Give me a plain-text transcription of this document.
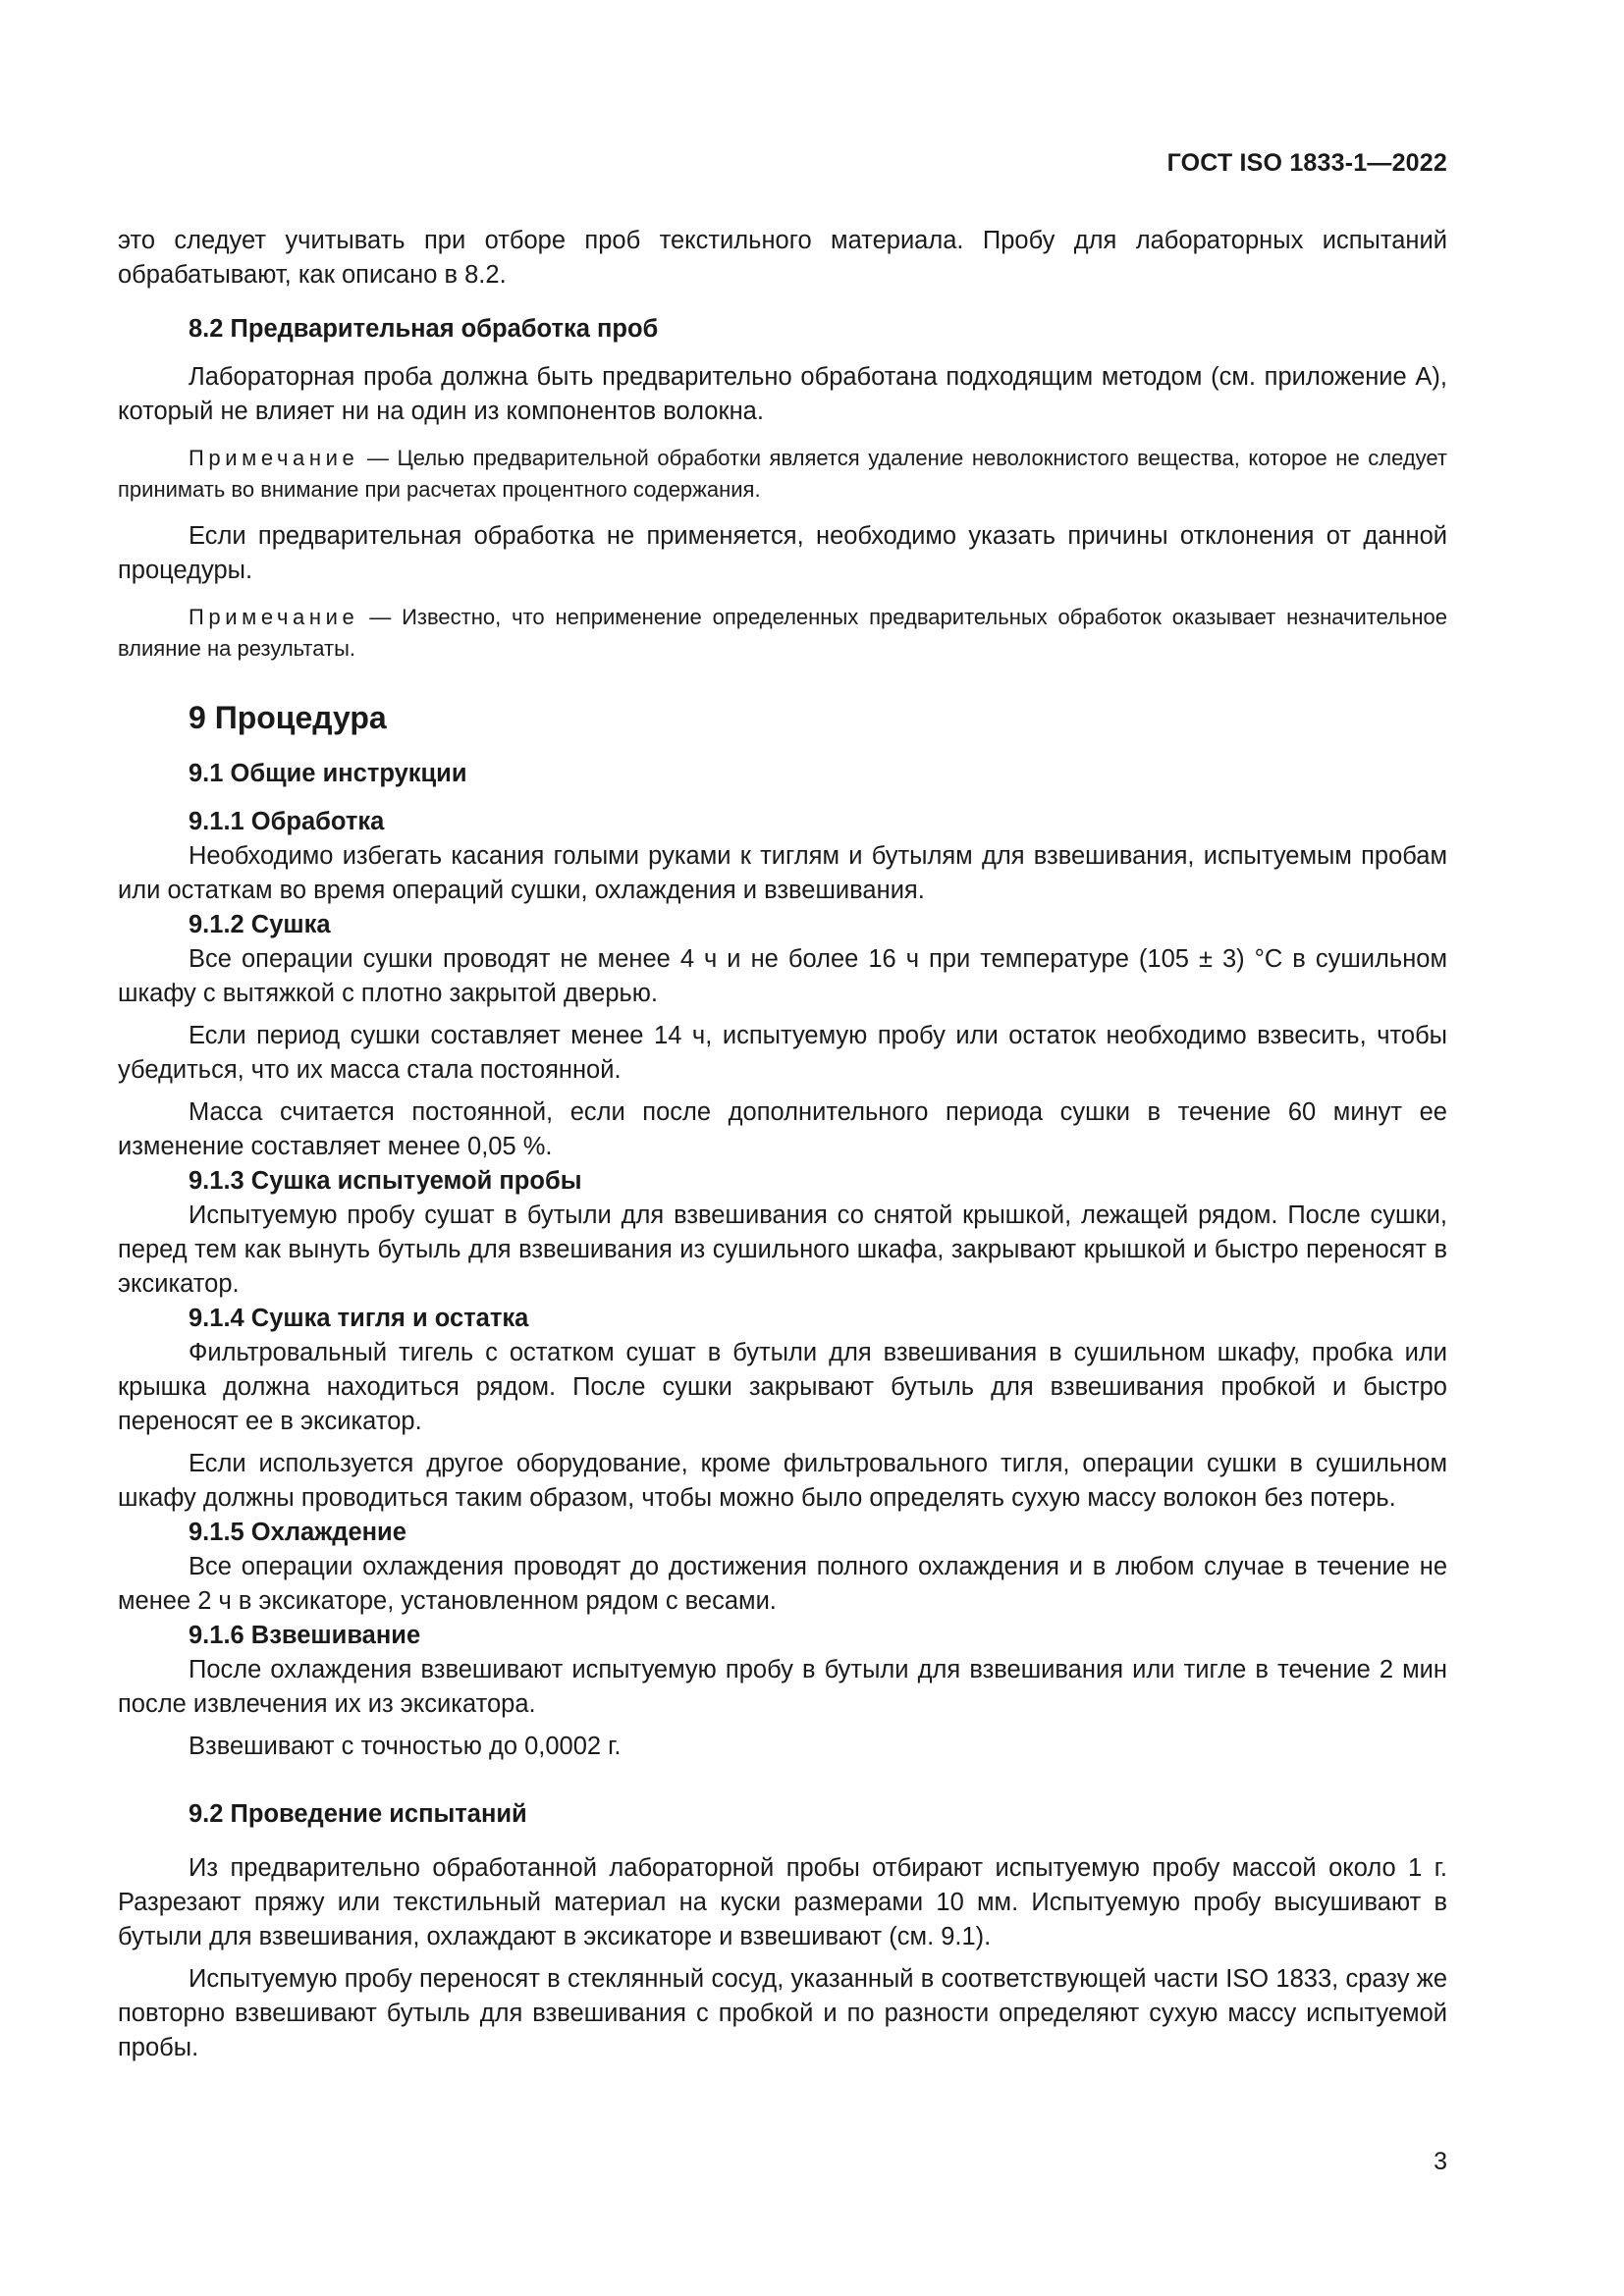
ГОСТ ISO 1833-1—2022

это следует учитывать при отборе проб текстильного материала. Пробу для лабораторных испытаний обрабатывают, как описано в 8.2.

8.2 Предварительная обработка проб

Лабораторная проба должна быть предварительно обработана подходящим методом (см. приложение А), который не влияет ни на один из компонентов волокна.

Примечание — Целью предварительной обработки является удаление неволокнистого вещества, которое не следует принимать во внимание при расчетах процентного содержания.

Если предварительная обработка не применяется, необходимо указать причины отклонения от данной процедуры.

Примечание — Известно, что неприменение определенных предварительных обработок оказывает незначительное влияние на результаты.

9 Процедура

9.1 Общие инструкции

9.1.1 Обработка

Необходимо избегать касания голыми руками к тиглям и бутылям для взвешивания, испытуемым пробам или остаткам во время операций сушки, охлаждения и взвешивания.

9.1.2 Сушка

Все операции сушки проводят не менее 4 ч и не более 16 ч при температуре (105 ± 3) °С в сушильном шкафу с вытяжкой с плотно закрытой дверью.

Если период сушки составляет менее 14 ч, испытуемую пробу или остаток необходимо взвесить, чтобы убедиться, что их масса стала постоянной.

Масса считается постоянной, если после дополнительного периода сушки в течение 60 минут ее изменение составляет менее 0,05 %.

9.1.3 Сушка испытуемой пробы

Испытуемую пробу сушат в бутыли для взвешивания со снятой крышкой, лежащей рядом. После сушки, перед тем как вынуть бутыль для взвешивания из сушильного шкафа, закрывают крышкой и быстро переносят в эксикатор.

9.1.4 Сушка тигля и остатка

Фильтровальный тигель с остатком сушат в бутыли для взвешивания в сушильном шкафу, пробка или крышка должна находиться рядом. После сушки закрывают бутыль для взвешивания пробкой и быстро переносят ее в эксикатор.

Если используется другое оборудование, кроме фильтровального тигля, операции сушки в сушильном шкафу должны проводиться таким образом, чтобы можно было определять сухую массу волокон без потерь.

9.1.5 Охлаждение

Все операции охлаждения проводят до достижения полного охлаждения и в любом случае в течение не менее 2 ч в эксикаторе, установленном рядом с весами.

9.1.6 Взвешивание

После охлаждения взвешивают испытуемую пробу в бутыли для взвешивания или тигле в течение 2 мин после извлечения их из эксикатора.

Взвешивают с точностью до 0,0002 г.

9.2 Проведение испытаний

Из предварительно обработанной лабораторной пробы отбирают испытуемую пробу массой около 1 г. Разрезают пряжу или текстильный материал на куски размерами 10 мм. Испытуемую пробу высушивают в бутыли для взвешивания, охлаждают в эксикаторе и взвешивают (см. 9.1).

Испытуемую пробу переносят в стеклянный сосуд, указанный в соответствующей части ISO 1833, сразу же повторно взвешивают бутыль для взвешивания с пробкой и по разности определяют сухую массу испытуемой пробы.

3
